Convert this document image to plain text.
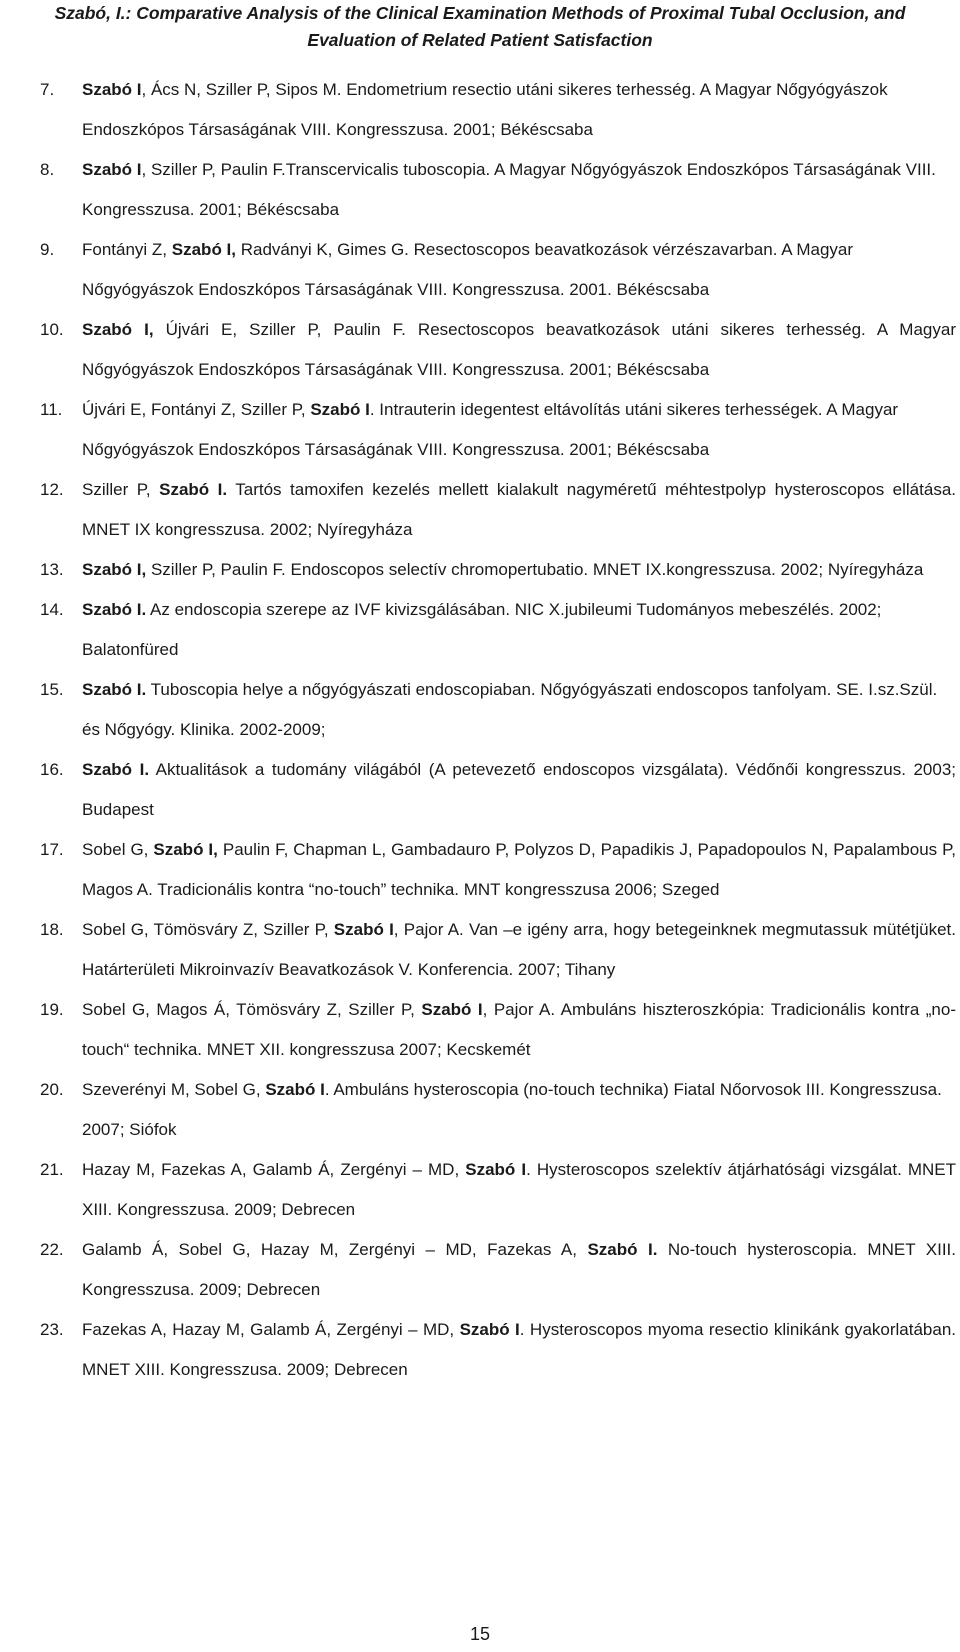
Szabó, I.: Comparative Analysis of the Clinical Examination Methods of Proximal Tubal Occlusion, and
Evaluation of Related Patient Satisfaction
7. Szabó I, Ács N, Sziller P, Sipos M. Endometrium resectio utáni sikeres terhesség. A Magyar Nőgyógyászok Endoszkópos Társaságának VIII. Kongresszusa. 2001; Békéscsaba
8. Szabó I, Sziller P, Paulin F.Transcervicalis tuboscopia. A Magyar Nőgyógyászok Endoszkópos Társaságának VIII. Kongresszusa. 2001; Békéscsaba
9. Fontányi Z, Szabó I, Radványi K, Gimes G. Resectoscopos beavatkozások vérzészavarban. A Magyar Nőgyógyászok Endoszkópos Társaságának VIII. Kongresszusa. 2001. Békéscsaba
10. Szabó I, Újvári E, Sziller P, Paulin F. Resectoscopos beavatkozások utáni sikeres terhesség. A Magyar Nőgyógyászok Endoszkópos Társaságának VIII. Kongresszusa. 2001; Békéscsaba
11. Újvári E, Fontányi Z, Sziller P, Szabó I. Intrauterin idegentest eltávolítás utáni sikeres terhességek. A Magyar Nőgyógyászok Endoszkópos Társaságának VIII. Kongresszusa. 2001; Békéscsaba
12. Sziller P, Szabó I. Tartós tamoxifen kezelés mellett kialakult nagyméretű méhtestpolyp hysteroscopos ellátása. MNET IX kongresszusa. 2002; Nyíregyháza
13. Szabó I, Sziller P, Paulin F. Endoscopos selectív chromopertubatio. MNET IX.kongresszusa. 2002; Nyíregyháza
14. Szabó I. Az endoscopia szerepe az IVF kivizsgálásában. NIC X.jubileumi Tudományos mebeszélés. 2002; Balatonfüred
15. Szabó I. Tuboscopia helye a nőgyógyászati endoscopiaban. Nőgyógyászati endoscopos tanfolyam. SE. I.sz.Szül. és Nőgyógy. Klinika. 2002-2009;
16. Szabó I. Aktualitások a tudomány világából (A petevezető endoscopos vizsgálata). Védőnői kongresszus. 2003; Budapest
17. Sobel G, Szabó I, Paulin F, Chapman L, Gambadauro P, Polyzos D, Papadikis J, Papadopoulos N, Papalambous P, Magos A. Tradicionális kontra “no-touch” technika. MNT kongresszusa 2006; Szeged
18. Sobel G, Tömösváry Z, Sziller P, Szabó I, Pajor A. Van –e igény arra, hogy betegeinknek megmutassuk mütétjüket. Határterületi Mikroinvazív Beavatkozások V. Konferencia. 2007; Tihany
19. Sobel G, Magos Á, Tömösváry Z, Sziller P, Szabó I, Pajor A. Ambuláns hiszteroszkópia: Tradicionális kontra „no-touch“ technika. MNET XII. kongresszusa 2007; Kecskemét
20. Szeverényi M, Sobel G, Szabó I. Ambuláns hysteroscopia (no-touch technika) Fiatal Nőorvosok III. Kongresszusa. 2007; Siófok
21. Hazay M, Fazekas A, Galamb Á, Zergényi – MD, Szabó I. Hysteroscopos szelektív átjárhatósági vizsgálat. MNET XIII. Kongresszusa. 2009; Debrecen
22. Galamb Á, Sobel G, Hazay M, Zergényi – MD, Fazekas A, Szabó I. No-touch hysteroscopia. MNET XIII. Kongresszusa. 2009; Debrecen
23. Fazekas A, Hazay M, Galamb Á, Zergényi – MD, Szabó I. Hysteroscopos myoma resectio klinikánk gyakorlatában. MNET XIII. Kongresszusa. 2009; Debrecen
15
